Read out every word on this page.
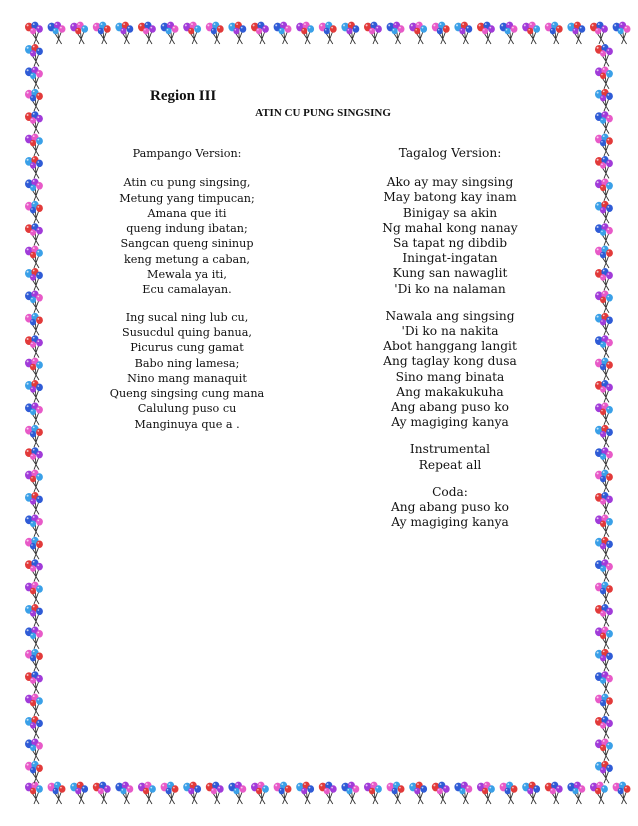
Region III
ATIN CU PUNG SINGSING

Pampango Version:

Atin cu pung singsing,
Metung yang timpucan;
Amana que iti
queng indung ibatan;
Sangcan queng sininup
keng metung a caban,
Mewala ya iti,
Ecu camalayan.

Ing sucal ning lub cu,
Susucdul quing banua,
Picurus cung gamat
Babo ning lamesa;
Nino mang manaquit
Queng singsing cung mana
Calulung puso cu
Manginuya que a .

Tagalog Version:

Ako ay may singsing
May batong kay inam
Binigay sa akin
Ng mahal kong nanay
Sa tapat ng dibdib
Iningat-ingatan
Kung san nawaglit
'Di ko na nalaman

Nawala ang singsing
'Di ko na nakita
Abot hanggang langit
Ang taglay kong dusa
Sino mang binata
Ang makakukuha
Ang abang puso ko
Ay magiging kanya

Instrumental
Repeat all

Coda:
Ang abang puso ko
Ay magiging kanya
